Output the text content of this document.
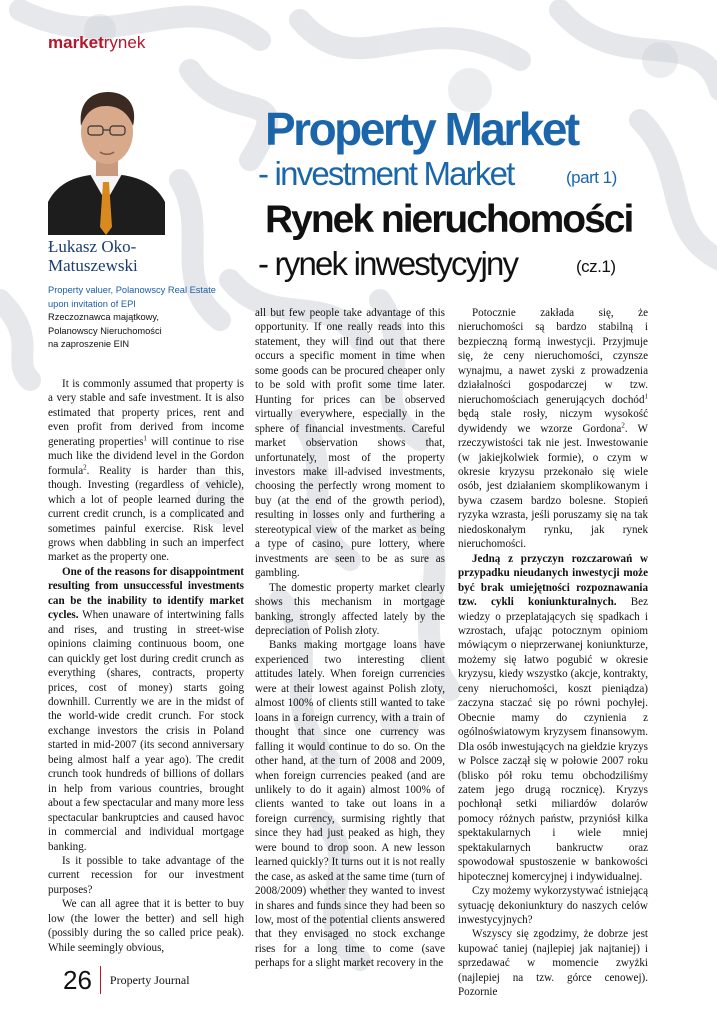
marketrynek
Łukasz Oko-
Matuszewski
Property valuer, Polanowscy Real Estate
upon invitation of EPI
Rzeczoznawca majątkowy,
Polanowscy Nieruchomości
na zaproszenie EIN
Property Market
- investment Market	(part 1)
Rynek nieruchomości
- rynek inwestycyjny	(cz.1)

It is commonly assumed that property is a very stable and safe investment. It is also estimated that property prices, rent and even profit from derived from income generating properties$^1$ will continue to rise much like the dividend level in the Gordon formula$^2$. Reality is harder than this, though. Investing (regardless of vehicle), which a lot of people learned during the current credit crunch, is a complicated and sometimes painful exercise. Risk level grows when dabbling in such an imperfect market as the property one.

One of the reasons for disappointment resulting from unsuccessful investments can be the inability to identify market cycles. When unaware of intertwining falls and rises, and trusting in street-wise opinions claiming continuous boom, one can quickly get lost during credit crunch as everything (shares, contracts, property prices, cost of money) starts going downhill. Currently we are in the midst of the world-wide credit crunch. For stock exchange investors the crisis in Poland started in mid-2007 (its second anniversary being almost half a year ago). The credit crunch took hundreds of billions of dollars in help from various countries, brought about a few spectacular and many more less spectacular bankruptcies and caused havoc in commercial and individual mortgage banking.

Is it possible to take advantage of the current recession for our investment purposes?

We can all agree that it is better to buy low (the lower the better) and sell high (possibly during the so called price peak). While seemingly obvious,

all but few people take advantage of this opportunity. If one really reads into this statement, they will find out that there occurs a specific moment in time when some goods can be procured cheaper only to be sold with profit some time later. Hunting for prices can be observed virtually everywhere, especially in the sphere of financial investments. Careful market observation shows that, unfortunately, most of the property investors make ill-advised investments, choosing the perfectly wrong moment to buy (at the end of the growth period), resulting in losses only and furthering a stereotypical view of the market as being a type of casino, pure lottery, where investments are seen to be as sure as gambling.

The domestic property market clearly shows this mechanism in mortgage banking, strongly affected lately by the depreciation of Polish złoty.

Banks making mortgage loans have experienced two interesting client attitudes lately. When foreign currencies were at their lowest against Polish zloty, almost 100% of clients still wanted to take loans in a foreign currency, with a train of thought that since one currency was falling it would continue to do so. On the other hand, at the turn of 2008 and 2009, when foreign currencies peaked (and are unlikely to do it again) almost 100% of clients wanted to take out loans in a foreign currency, surmising rightly that since they had just peaked as high, they were bound to drop soon. A new lesson learned quickly? It turns out it is not really the case, as asked at the same time (turn of 2008/2009) whether they wanted to invest in shares and funds since they had been so low, most of the potential clients answered that they envisaged no stock exchange rises for a long time to come (save perhaps for a slight market recovery in the

Potocznie zakłada się, że nieruchomości są bardzo stabilną i bezpieczną formą inwestycji. Przyjmuje się, że ceny nieruchomości, czynsze wynajmu, a nawet zyski z prowadzenia działalności gospodarczej w tzw. nieruchomościach generujących dochód$^1$ będą stale rosły, niczym wysokość dywidendy we wzorze Gordona$^2$. W rzeczywistości tak nie jest. Inwestowanie (w jakiejkolwiek formie), o czym w okresie kryzysu przekonało się wiele osób, jest działaniem skomplikowanym i bywa czasem bardzo bolesne. Stopień ryzyka wzrasta, jeśli poruszamy się na tak niedoskonałym rynku, jak rynek nieruchomości.

Jedną z przyczyn rozczarowań w przypadku nieudanych inwestycji może być brak umiejętności rozpoznawania tzw. cykli koniunkturalnych. Bez wiedzy o przeplatających się spadkach i wzrostach, ufając potocznym opiniom mówiącym o nieprzerwanej koniunkturze, możemy się łatwo pogubić w okresie kryzysu, kiedy wszystko (akcje, kontrakty, ceny nieruchomości, koszt pieniądza) zaczyna staczać się po równi pochyłej. Obecnie mamy do czynienia z ogólnoświatowym kryzysem finansowym. Dla osób inwestujących na giełdzie kryzys w Polsce zaczął się w połowie 2007 roku (blisko pół roku temu obchodziliśmy zatem jego drugą rocznicę). Kryzys pochłonął setki miliardów dolarów pomocy różnych państw, przyniósł kilka spektakularnych i wiele mniej spektakularnych bankructw oraz spowodował spustoszenie w bankowości hipotecznej komercyjnej i indywidualnej.

Czy możemy wykorzystywać istniejącą sytuację dekoniunktury do naszych celów inwestycyjnych?

Wszyscy się zgodzimy, że dobrze jest kupować taniej (najlepiej jak najtaniej) i sprzedawać w momencie zwyżki (najlepiej na tzw. górce cenowej). Pozornie

26 Property Journal
